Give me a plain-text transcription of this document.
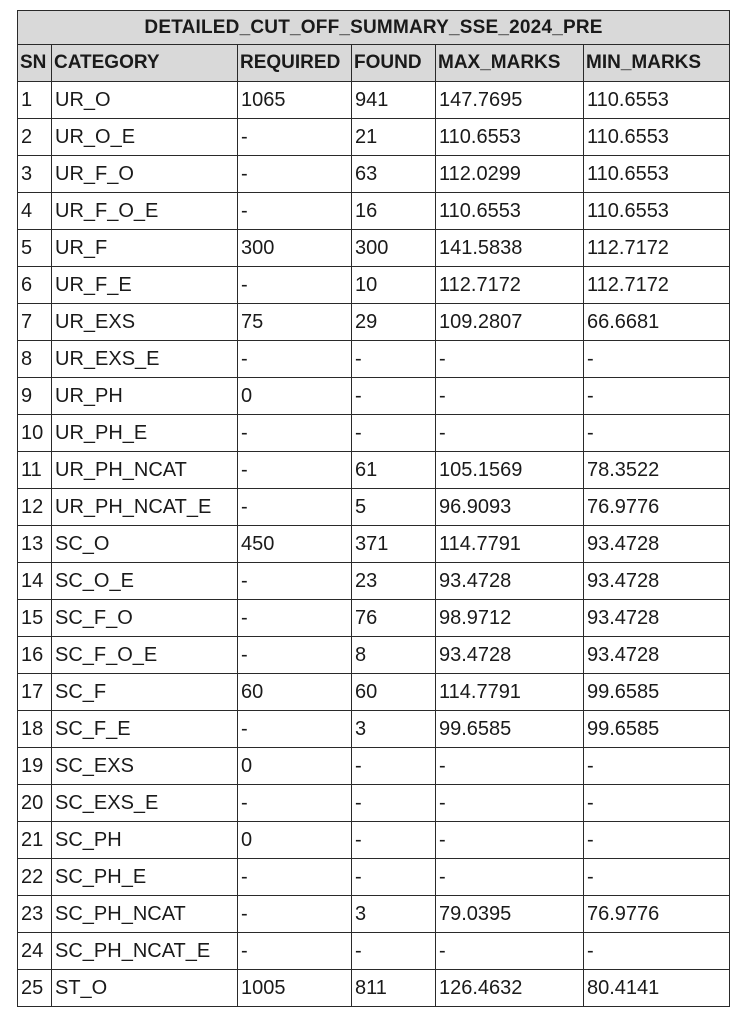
DETAILED_CUT_OFF_SUMMARY_SSE_2024_PRE					
SN	CATEGORY	REQUIRED	FOUND	MAX_MARKS	MIN_MARKS
1	UR_O	1065	941	147.7695	110.6553
2	UR_O_E	-	21	110.6553	110.6553
3	UR_F_O	-	63	112.0299	110.6553
4	UR_F_O_E	-	16	110.6553	110.6553
5	UR_F	300	300	141.5838	112.7172
6	UR_F_E	-	10	112.7172	112.7172
7	UR_EXS	75	29	109.2807	66.6681
8	UR_EXS_E	-	-	-	-
9	UR_PH	0	-	-	-
10	UR_PH_E	-	-	-	-
11	UR_PH_NCAT	-	61	105.1569	78.3522
12	UR_PH_NCAT_E	-	5	96.9093	76.9776
13	SC_O	450	371	114.7791	93.4728
14	SC_O_E	-	23	93.4728	93.4728
15	SC_F_O	-	76	98.9712	93.4728
16	SC_F_O_E	-	8	93.4728	93.4728
17	SC_F	60	60	114.7791	99.6585
18	SC_F_E	-	3	99.6585	99.6585
19	SC_EXS	0	-	-	-
20	SC_EXS_E	-	-	-	-
21	SC_PH	0	-	-	-
22	SC_PH_E	-	-	-	-
23	SC_PH_NCAT	-	3	79.0395	76.9776
24	SC_PH_NCAT_E	-	-	-	-
25	ST_O	1005	811	126.4632	80.4141
